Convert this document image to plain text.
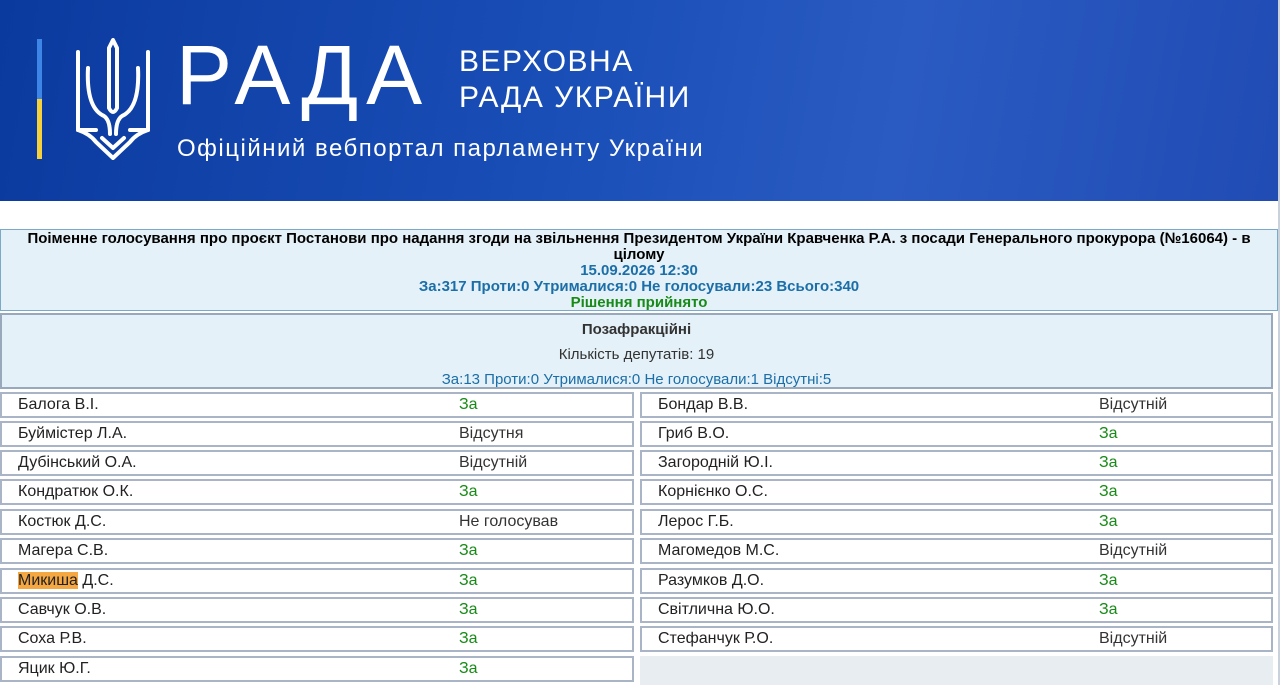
РАДА ВЕРХОВНА
РАДА УКРАЇНИ
Офіційний вебпортал парламенту України
Поіменне голосування про проєкт Постанови про надання згоди на звільнення Президентом України Кравченка Р.А. з посади Генерального прокурора (№16064) - в цілому
15.09.2026 12:30
За:317 Проти:0 Утрималися:0 Не голосували:23 Всього:340
Рішення прийнято
Позафракційні
Кількість депутатів: 19
За:13 Проти:0 Утрималися:0 Не голосували:1 Відсутні:5
Балога В.І.	За
Буймістер Л.А.	Відсутня
Дубінський О.А.	Відсутній
Кондратюк О.К.	За
Костюк Д.С.	Не голосував
Магера С.В.	За
Микиша Д.С.	За
Савчук О.В.	За
Соха Р.В.	За
Яцик Ю.Г.	За
Бондар В.В.	Відсутній
Гриб В.О.	За
Загородній Ю.І.	За
Корнієнко О.С.	За
Лерос Г.Б.	За
Магомедов М.С.	Відсутній
Разумков Д.О.	За
Світлична Ю.О.	За
Стефанчук Р.О.	Відсутній
